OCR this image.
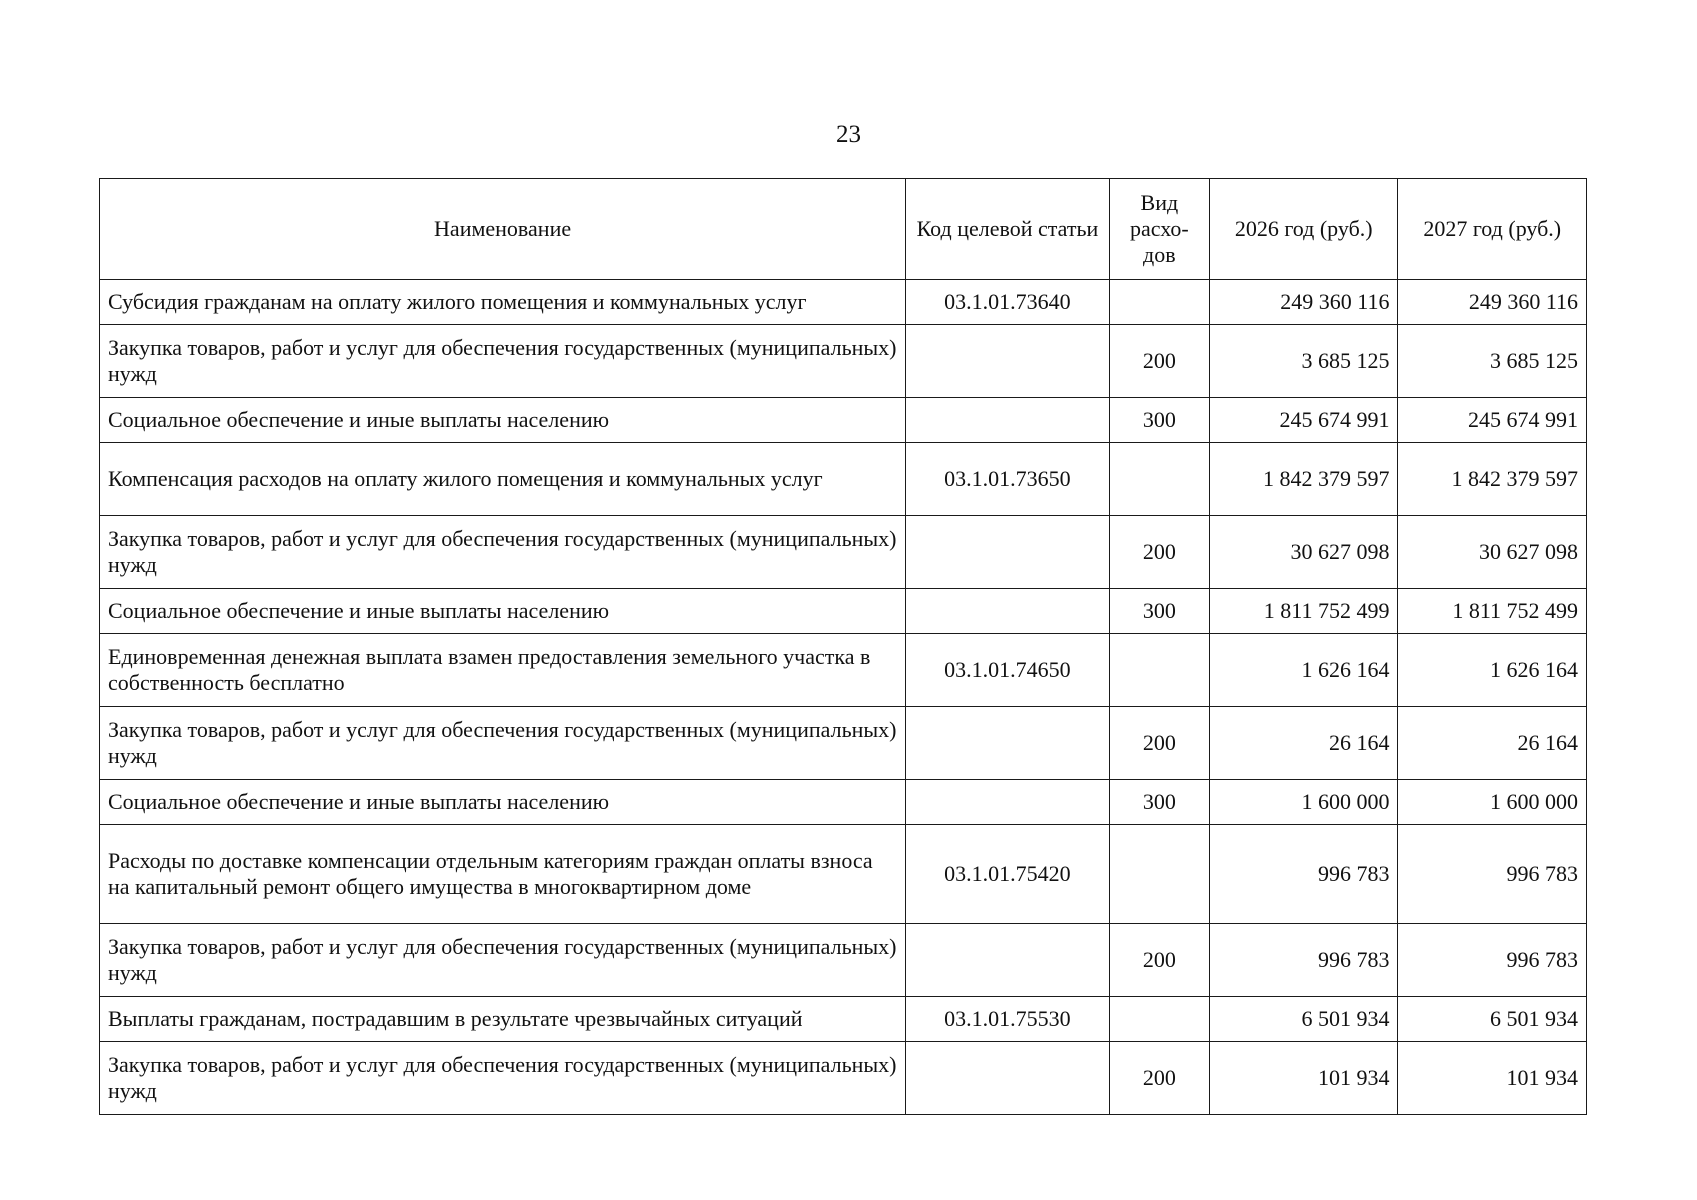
23
Наименование	Код целевой статьи	Вид расхо-дов	2026 год (руб.)	2027 год (руб.)
Субсидия гражданам на оплату жилого помещения и коммунальных услуг	03.1.01.73640		249 360 116	249 360 116
Закупка товаров, работ и услуг для обеспечения государственных (муниципальных) нужд		200	3 685 125	3 685 125
Социальное обеспечение и иные выплаты населению		300	245 674 991	245 674 991
Компенсация расходов на оплату жилого помещения и коммунальных услуг	03.1.01.73650		1 842 379 597	1 842 379 597
Закупка товаров, работ и услуг для обеспечения государственных (муниципальных) нужд		200	30 627 098	30 627 098
Социальное обеспечение и иные выплаты населению		300	1 811 752 499	1 811 752 499
Единовременная денежная выплата взамен предоставления земельного участка в собственность бесплатно	03.1.01.74650		1 626 164	1 626 164
Закупка товаров, работ и услуг для обеспечения государственных (муниципальных) нужд		200	26 164	26 164
Социальное обеспечение и иные выплаты населению		300	1 600 000	1 600 000
Расходы по доставке компенсации отдельным категориям граждан оплаты взноса на капитальный ремонт общего имущества в многоквартирном доме	03.1.01.75420		996 783	996 783
Закупка товаров, работ и услуг для обеспечения государственных (муниципальных) нужд		200	996 783	996 783
Выплаты гражданам, пострадавшим в результате чрезвычайных ситуаций	03.1.01.75530		6 501 934	6 501 934
Закупка товаров, работ и услуг для обеспечения государственных (муниципальных) нужд		200	101 934	101 934
